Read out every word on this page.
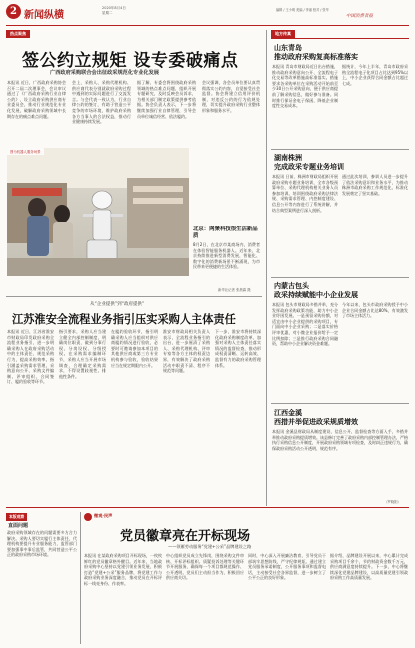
2 新闻纵横
2020年8月4日
星期二
编辑 / 王小明 美编 / 李丽 校对 / 张华
中国消费者报
热点聚焦
签公约立规矩 设专委破痛点
广西政府采购联合会出征政采规范化专业化发展
本报讯 近日，广西政府采购协会召开二届二次理事会，会议审议通过了《广西政府采购行业自律公约》，设立政府采购供应商专业委员会，推动行业规范化专业化发展，破解政府采购领域中长期存在的痛点难点问题。
会上，采购人、采购代理机构、供应商代表分别就政府采购过程中遇到的实际问题进行了交流发言。与会代表一致认为，行业自律公约的签订，有助于营造公平竞争的市场环境，维护政府采购各方当事人的合法权益，推动行业健康持续发展。
据了解，专委会将围绕政府采购领域的热点难点问题，组织开展专题研究，及时反映会员诉求，为相关部门制定政策提供参考依据。协会负责人表示，下一步将继续加强行业自律管理，引导会员单位诚信经营、依法履约。
会议强调，各会员单位要认真贯彻落实公约内容，自觉接受社会监督。协会将建立信用评价机制，对违反公约的行为依规处理，切实提升政府采购行业整体形象和服务水平。
图为机器人服务场景
北京：网聚科技很生活新品质
8月2日，在北京市某商场内，消费者在体验智能服务机器人。近年来，北京持续推进新型消费发展，智能化、数字化的消费新场景不断涌现，为市民带来更便捷的生活体验。
新华社记者 张晨霖 摄
从“企业提供”到“政府提供”
江苏淮安全流程业务指引压实采购人主体责任
本报讯 近日，江苏省淮安市财政局印发政府采购全流程业务指引，进一步明确采购人在政府采购活动中的主体责任，规范采购行为，提高采购效率。指引涵盖采购需求管理、采购意向公开、采购文件编制、评审组织、合同签订、履约验收等环节。
指引要求，采购人应当建立健全内部控制制度，明确岗位职责，做到分事行权、分岗设权、分级授权。在采购需求编制环节，采购人应当开展市场调查，合理确定采购需求，不得设置歧视性、排他性条件。
在履约验收环节，指引明确采购人应当组织对供应商履约情况进行验收，必要时可邀请参加本项目的其他供应商或第三方专业机构参与验收，验收结果应当在规定期限内公开。
淮安市财政局相关负责人表示，全流程业务指引的出台，进一步厘清了采购人、采购代理机构、评审专家等各方主体的权责边界，有效解决了政府采购活动中职责不清、程序不规范等问题。
下一步，淮安市将持续深化政府采购制度改革，加强对采购人主体责任落实情况的监督检查，推动形成权责清晰、运转高效、监督有力的政府采购管理体系。
地方传真
山东青岛
推动政府采购复高标准落实
本报讯 青岛市财政局近日出台措施，推动政府采购意向公开、全流程电子化交易等改革措施高标准落实。措施要求各采购单位在采购活动开始前至少30日公开采购意向，便于供应商提前了解采购信息，做好参与准备。同时推行保证金电子保函，降低企业制度性交易成本。
据统计，今年上半年，青岛市政府采购全流程电子化项目占比达到95%以上，中小企业获得合同金额占比超过七成。
湖南株洲
完成政采专题业务培训
本报讯 日前，株洲市财政局组织开展政府采购专题业务培训，全市各级预算单位、采购代理机构相关业务人员参加培训。培训围绕政府采购法律法规、采购需求管理、内控制度建设、信息公开等内容进行了系统讲解，并结合典型案例进行深入剖析。
通过此次培训，参训人员进一步提升了依法采购意识和业务水平，为推动株洲市政府采购工作规范化、标准化发展奠定了坚实基础。
内蒙古包头
政采持续赋能中小企业发展
本报讯 包头市财政局多措并举，充分发挥政府采购政策功能，助力中小企业纾困发展。一是预留采购份额，对适宜由中小企业提供的采购项目，专门面向中小企业采购；二是落实价格评审优惠，对小微企业报价给予一定比例扣除；三是推行政府采购合同融资，帮助中小企业解决资金难题。
今年以来，包头市政府采购授予中小企业合同金额占比达80%，有效激发了市场主体活力。
江西金溪
西措并举促进政采规质增效
本报讯 金溪县财政局从制度建设、信息公开、监督检查等方面入手，多措并举推动政府采购提质增效。该县修订完善了政府采购内部控制管理办法，严格执行采购信息公开制度，开展政府采购领域专项检查，及时纠正违规行为，确保政府采购活动公开透明、规范有序。
（罗晓阳）
本版观察
直面问题
政府采购领域存在的问题需要多方合力解决。采购人要切实履行主体责任，代理机构要提升专业服务能力，监管部门要加强事中事后监管，共同营造公平公正的政府采购市场环境。
微观·民声
党员徽章亮在开标现场
——领雁劳动服务“党建+公采”品牌建设之路
本报讯 在某政府采购项目开标现场，一枚枚鲜红的党员徽章格外醒目。近年来，当地政府采购中心坚持以党建引领业务发展，积极打造“党建+公采”服务品牌，将党建工作与政府采购业务深度融合，推动党员在开标评标一线亮身份、作表率。
中心组织党员成立先锋岗，围绕采购文件审核、开标评标组织、质疑投诉处理等关键环节开展服务，确保每一个项目都规范操作、公开透明。党员们主动担当作为，积极回应供应商关切。
同时，中心深入开展廉洁教育，引导党员干部筑牢思想防线，严守纪律规矩。通过建立党员服务承诺制度，公开服务事项和监督电话，主动接受社会各界监督，进一步树立了公平公正的良好形象。
据介绍，品牌建设开展以来，中心累计完成采购项目千余个，节约财政资金数千万元，供应商满意度持续提升。下一步，中心将继续深化党建品牌建设，以高质量党建引领政府采购工作高质量发展。
